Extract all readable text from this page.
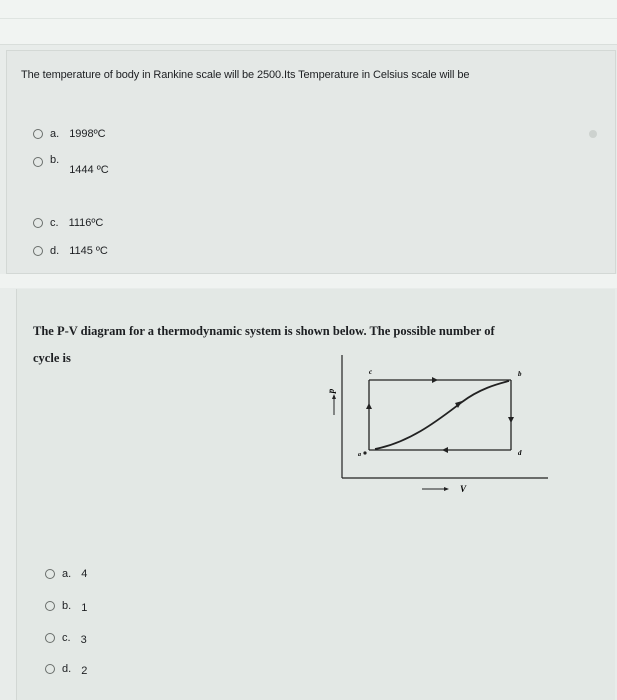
The temperature of body in Rankine scale will be 2500.Its Temperature in Celsius scale will be
a. 1998ºC
b.
1444 ºC
c. 1116ºC
d. 1145 ºC
The P-V diagram for a thermodynamic system is shown below. The possible number of cycle is
p
c	b
d
a
V
a. 4
b. 1
c. 3
d. 2
